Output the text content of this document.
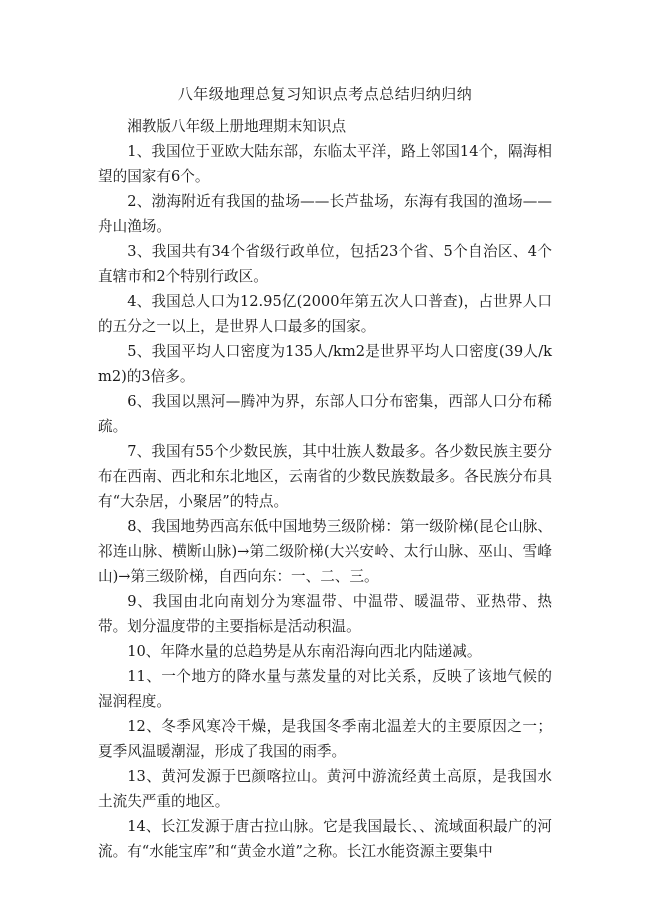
八年级地理总复习知识点考点总结归纳归纳

湘教版八年级上册地理期末知识点

1、我国位于亚欧大陆东部，东临太平洋，路上邻国14个，隔海相望的国家有6个。

2、渤海附近有我国的盐场——长芦盐场，东海有我国的渔场——舟山渔场。

3、我国共有34个省级行政单位，包括23个省、5个自治区、4个直辖市和2个特别行政区。

4、我国总人口为12.95亿(2000年第五次人口普查)，占世界人口的五分之一以上，是世界人口最多的国家。

5、我国平均人口密度为135人/km2是世界平均人口密度(39人/km2)的3倍多。

6、我国以黑河—腾冲为界，东部人口分布密集，西部人口分布稀疏。

7、我国有55个少数民族，其中壮族人数最多。各少数民族主要分布在西南、西北和东北地区，云南省的少数民族数最多。各民族分布具有“大杂居，小聚居”的特点。

8、我国地势西高东低中国地势三级阶梯：第一级阶梯(昆仑山脉、祁连山脉、横断山脉)→第二级阶梯(大兴安岭、太行山脉、巫山、雪峰山)→第三级阶梯，自西向东：一、二、三。

9、我国由北向南划分为寒温带、中温带、暖温带、亚热带、热带。划分温度带的主要指标是活动积温。

10、年降水量的总趋势是从东南沿海向西北内陆递减。

11、一个地方的降水量与蒸发量的对比关系，反映了该地气候的湿润程度。

12、冬季风寒冷干燥，是我国冬季南北温差大的主要原因之一；夏季风温暖潮湿，形成了我国的雨季。

13、黄河发源于巴颜喀拉山。黄河中游流经黄土高原，是我国水土流失严重的地区。

14、长江发源于唐古拉山脉。它是我国最长、、流域面积最广的河流。有“水能宝库”和“黄金水道”之称。长江水能资源主要集中
